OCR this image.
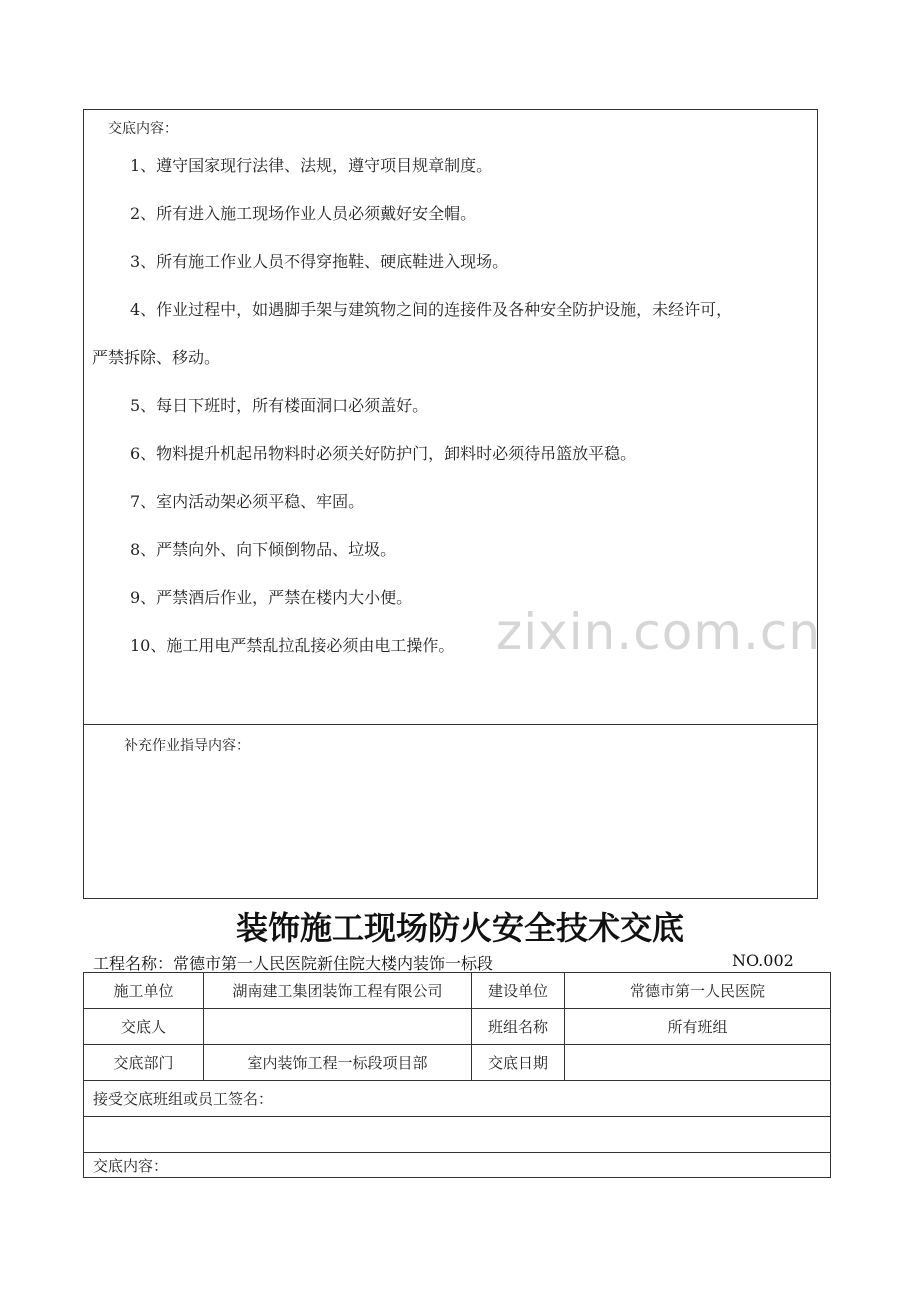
交底内容：
1、遵守国家现行法律、法规，遵守项目规章制度。
2、所有进入施工现场作业人员必须戴好安全帽。
3、所有施工作业人员不得穿拖鞋、硬底鞋进入现场。
4、作业过程中，如遇脚手架与建筑物之间的连接件及各种安全防护设施，未经许可，
严禁拆除、移动。
5、每日下班时，所有楼面洞口必须盖好。
6、物料提升机起吊物料时必须关好防护门，卸料时必须待吊篮放平稳。
7、室内活动架必须平稳、牢固。
8、严禁向外、向下倾倒物品、垃圾。
9、严禁酒后作业，严禁在楼内大小便。
10、施工用电严禁乱拉乱接必须由电工操作。 zixin.com.cn
补充作业指导内容：
装饰施工现场防火安全技术交底
工程名称：常德市第一人民医院新住院大楼内装饰一标段	NO.002
施工单位	湖南建工集团装饰工程有限公司	建设单位	常德市第一人民医院
交底人		班组名称	所有班组
交底部门	室内装饰工程一标段项目部	交底日期	
接受交底班组或员工签名：			

交底内容：			
